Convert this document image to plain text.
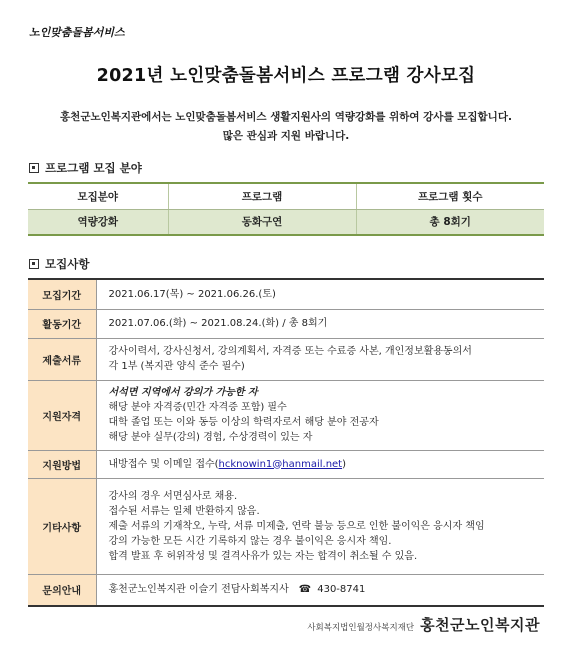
노인맞춤돌봄서비스
2021년 노인맞춤돌봄서비스 프로그램 강사모집
홍천군노인복지관에서는 노인맞춤돌봄서비스 생활지원사의 역량강화를 위하여 강사를 모집합니다.
많은 관심과 지원 바랍니다.
프로그램 모집 분야
모집분야	프로그램	프로그램 횟수
역량강화	동화구연	총 8회기
모집사항
모집기간	2021.06.17(목) ~ 2021.06.26.(토)

활동기간	2021.07.06.(화) ~ 2021.08.24.(화) / 총 8회기

제출서류	강사이력서, 강사신청서, 강의계획서, 자격증 또는 수료증 사본, 개인정보활용동의서
각 1부 (복지관 양식 준수 필수)

지원자격	서석면 지역에서 강의가 가능한 자
해당 분야 자격증(민간 자격증 포함) 필수
대학 졸업 또는 이와 동등 이상의 학력자로서 해당 분야 전공자
해당 분야 실무(강의) 경험, 수상경력이 있는 자

지원방법	내방접수 및 이메일 접수(hcknowin1@hanmail.net)

기타사항	강사의 경우 서면심사로 채용.
접수된 서류는 일체 반환하지 않음.
제출 서류의 기재착오, 누락, 서류 미제출, 연락 불능 등으로 인한 불이익은 응시자 책임
강의 가능한 모든 시간 기록하지 않는 경우 불이익은 응시자 책임.
합격 발표 후 허위작성 및 결격사유가 있는 자는 합격이 취소될 수 있음.

문의안내	홍천군노인복지관 이슬기 전담사회복지사 ☎ 430-8741
사회복지법인월정사복지재단 홍천군노인복지관
